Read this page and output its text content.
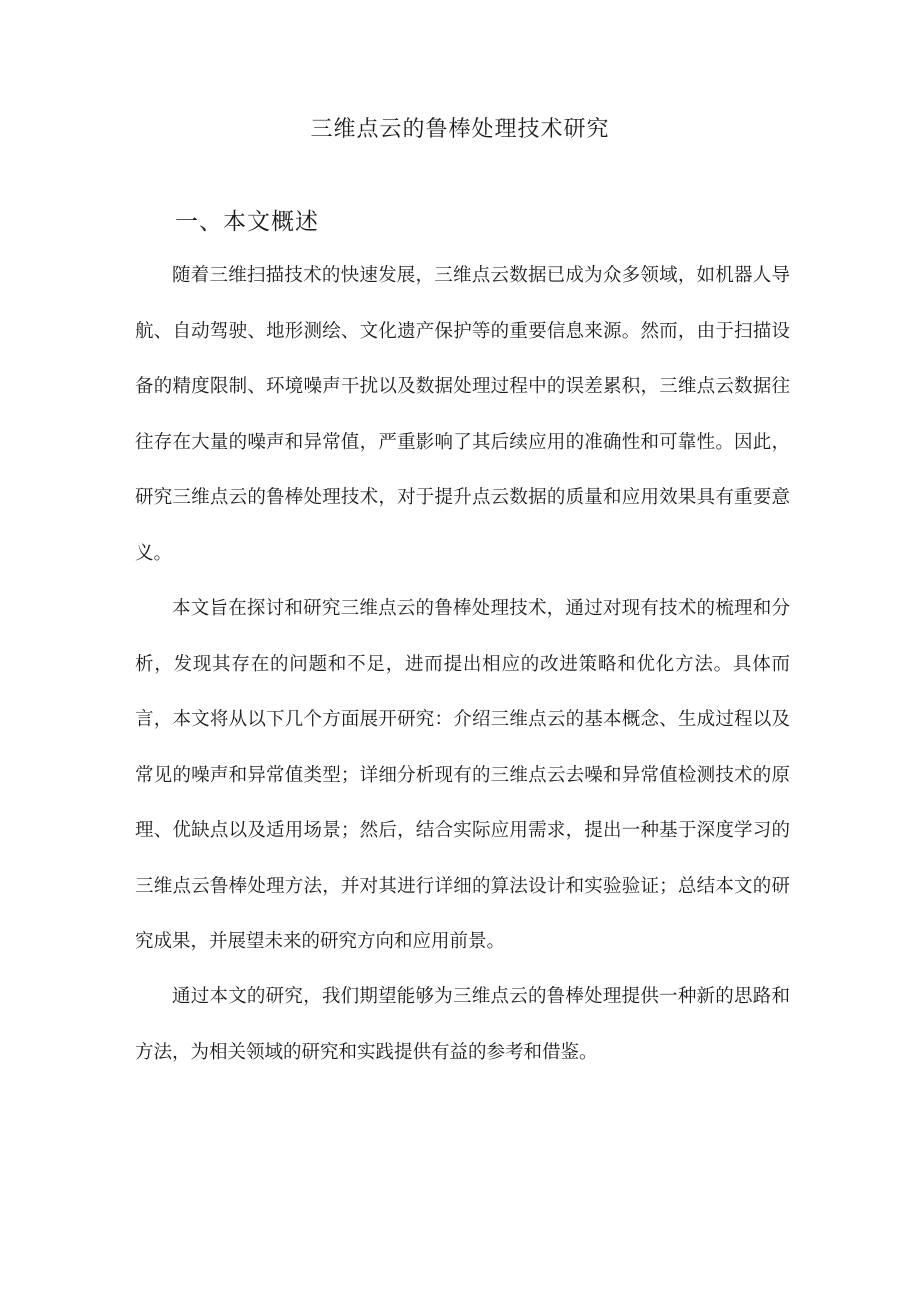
三维点云的鲁棒处理技术研究
一、本文概述

随着三维扫描技术的快速发展，三维点云数据已成为众多领域，如机器人导航、自动驾驶、地形测绘、文化遗产保护等的重要信息来源。然而，由于扫描设备的精度限制、环境噪声干扰以及数据处理过程中的误差累积，三维点云数据往往存在大量的噪声和异常值，严重影响了其后续应用的准确性和可靠性。因此，研究三维点云的鲁棒处理技术，对于提升点云数据的质量和应用效果具有重要意义。

本文旨在探讨和研究三维点云的鲁棒处理技术，通过对现有技术的梳理和分析，发现其存在的问题和不足，进而提出相应的改进策略和优化方法。具体而言，本文将从以下几个方面展开研究：介绍三维点云的基本概念、生成过程以及常见的噪声和异常值类型；详细分析现有的三维点云去噪和异常值检测技术的原理、优缺点以及适用场景；然后，结合实际应用需求，提出一种基于深度学习的三维点云鲁棒处理方法，并对其进行详细的算法设计和实验验证；总结本文的研究成果，并展望未来的研究方向和应用前景。

通过本文的研究，我们期望能够为三维点云的鲁棒处理提供一种新的思路和方法，为相关领域的研究和实践提供有益的参考和借鉴。
